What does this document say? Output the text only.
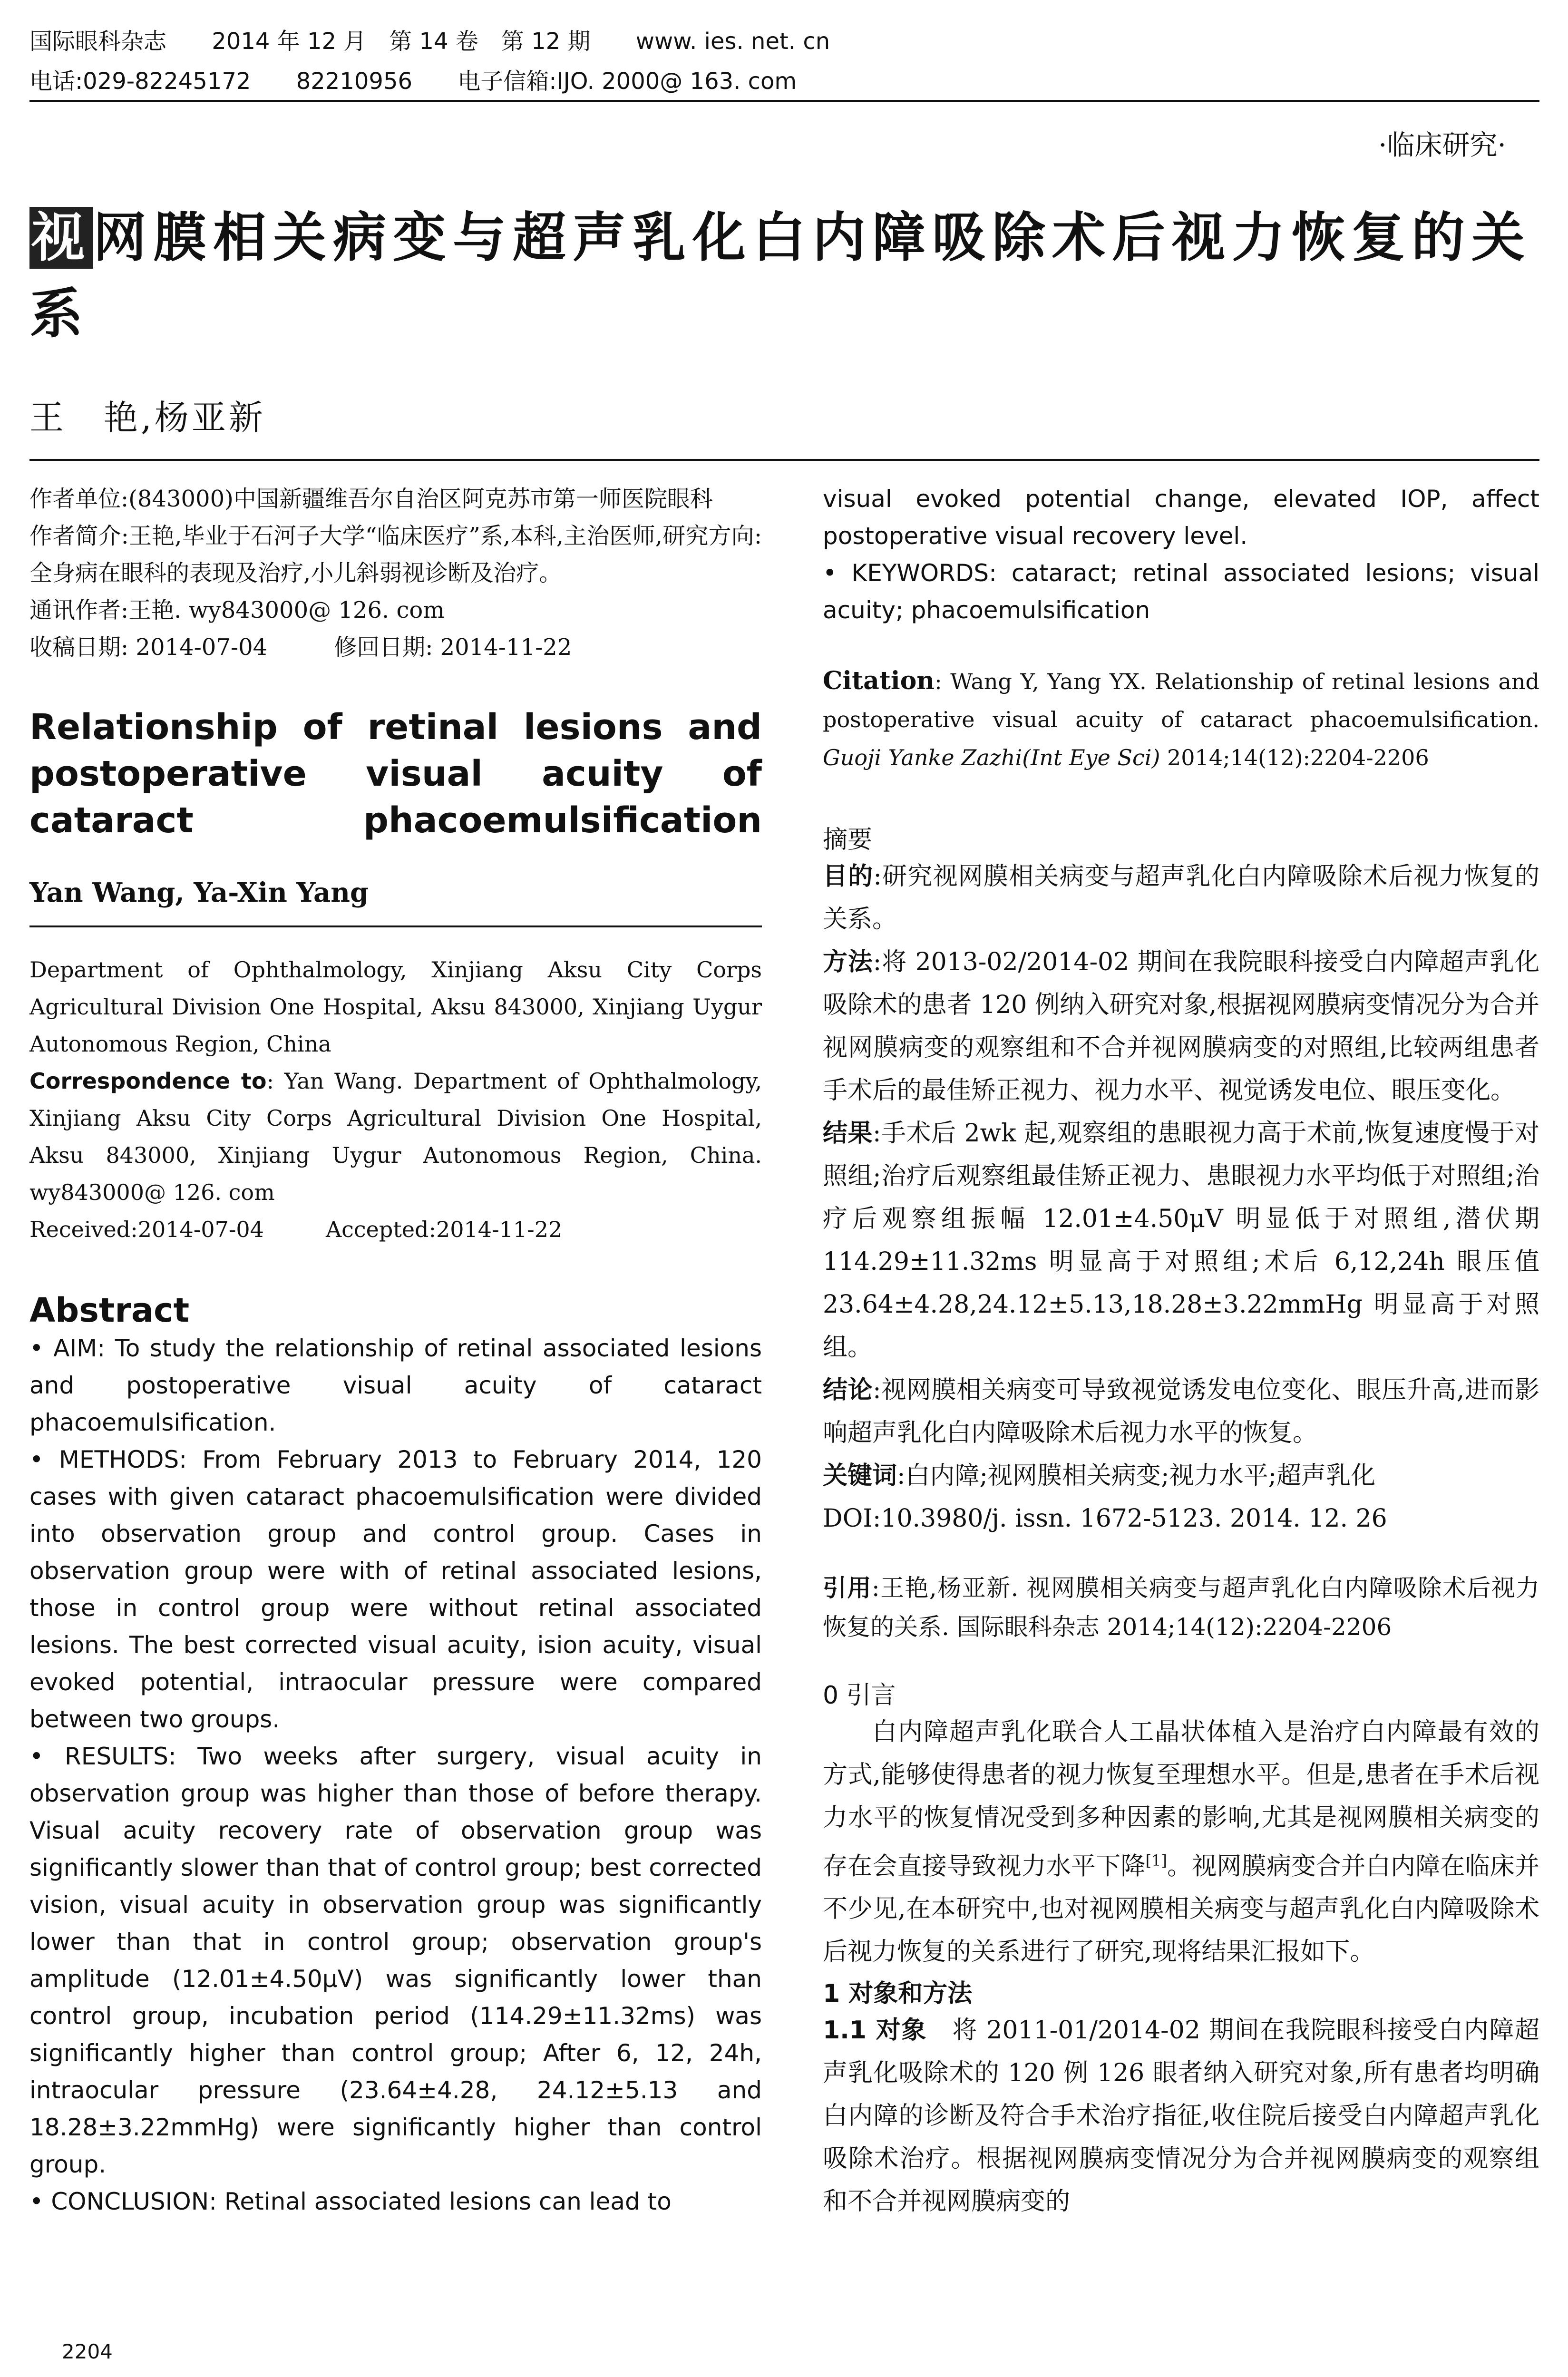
国际眼科杂志 2014 年 12 月　第 14 卷　第 12 期 www. ies. net. cn
电话:029-82245172 82210956 电子信箱:IJO. 2000@ 163. com
·临床研究·
视网膜相关病变与超声乳化白内障吸除术后视力恢复的关系
王　艳,杨亚新

作者单位:(843000)中国新疆维吾尔自治区阿克苏市第一师医院眼科

作者简介:王艳,毕业于石河子大学“临床医疗”系,本科,主治医师,研究方向:全身病在眼科的表现及治疗,小儿斜弱视诊断及治疗。

通讯作者:王艳. wy843000@ 126. com

收稿日期: 2014-07-04	修回日期: 2014-11-22

Relationship of retinal lesions and postoperative visual acuity of cataract phacoemulsification

Yan Wang, Ya-Xin Yang

Department of Ophthalmology, Xinjiang Aksu City Corps Agricultural Division One Hospital, Aksu 843000, Xinjiang Uygur Autonomous Region, China

Correspondence to: Yan Wang. Department of Ophthalmology, Xinjiang Aksu City Corps Agricultural Division One Hospital, Aksu 843000, Xinjiang Uygur Autonomous Region, China. wy843000@ 126. com

Received:2014-07-04	Accepted:2014-11-22

Abstract

• AIM: To study the relationship of retinal associated lesions and postoperative visual acuity of cataract phacoemulsification.

• METHODS: From February 2013 to February 2014, 120 cases with given cataract phacoemulsification were divided into observation group and control group. Cases in observation group were with of retinal associated lesions, those in control group were without retinal associated lesions. The best corrected visual acuity, ision acuity, visual evoked potential, intraocular pressure were compared between two groups.

• RESULTS: Two weeks after surgery, visual acuity in observation group was higher than those of before therapy. Visual acuity recovery rate of observation group was significantly slower than that of control group; best corrected vision, visual acuity in observation group was significantly lower than that in control group; observation group's amplitude (12.01±4.50μV) was significantly lower than control group, incubation period (114.29±11.32ms) was significantly higher than control group; After 6, 12, 24h, intraocular pressure (23.64±4.28, 24.12±5.13 and 18.28±3.22mmHg) were significantly higher than control group.

• CONCLUSION: Retinal associated lesions can lead to

visual evoked potential change, elevated IOP, affect postoperative visual recovery level.

• KEYWORDS: cataract; retinal associated lesions; visual acuity; phacoemulsification

Citation: Wang Y, Yang YX. Relationship of retinal lesions and postoperative visual acuity of cataract phacoemulsification. Guoji Yanke Zazhi(Int Eye Sci) 2014;14(12):2204-2206

摘要

目的:研究视网膜相关病变与超声乳化白内障吸除术后视力恢复的关系。

方法:将 2013-02/2014-02 期间在我院眼科接受白内障超声乳化吸除术的患者 120 例纳入研究对象,根据视网膜病变情况分为合并视网膜病变的观察组和不合并视网膜病变的对照组,比较两组患者手术后的最佳矫正视力、视力水平、视觉诱发电位、眼压变化。

结果:手术后 2wk 起,观察组的患眼视力高于术前,恢复速度慢于对照组;治疗后观察组最佳矫正视力、患眼视力水平均低于对照组;治疗后观察组振幅 12.01±4.50μV 明显低于对照组,潜伏期 114.29±11.32ms 明显高于对照组;术后 6,12,24h 眼压值 23.64±4.28,24.12±5.13,18.28±3.22mmHg 明显高于对照组。

结论:视网膜相关病变可导致视觉诱发电位变化、眼压升高,进而影响超声乳化白内障吸除术后视力水平的恢复。

关键词:白内障;视网膜相关病变;视力水平;超声乳化

DOI:10.3980/j. issn. 1672-5123. 2014. 12. 26

引用:王艳,杨亚新. 视网膜相关病变与超声乳化白内障吸除术后视力恢复的关系. 国际眼科杂志 2014;14(12):2204-2206

0 引言

白内障超声乳化联合人工晶状体植入是治疗白内障最有效的方式,能够使得患者的视力恢复至理想水平。但是,患者在手术后视力水平的恢复情况受到多种因素的影响,尤其是视网膜相关病变的存在会直接导致视力水平下降[1]。视网膜病变合并白内障在临床并不少见,在本研究中,也对视网膜相关病变与超声乳化白内障吸除术后视力恢复的关系进行了研究,现将结果汇报如下。

1 对象和方法

1.1 对象　将 2011-01/2014-02 期间在我院眼科接受白内障超声乳化吸除术的 120 例 126 眼者纳入研究对象,所有患者均明确白内障的诊断及符合手术治疗指征,收住院后接受白内障超声乳化吸除术治疗。根据视网膜病变情况分为合并视网膜病变的观察组和不合并视网膜病变的

2204
